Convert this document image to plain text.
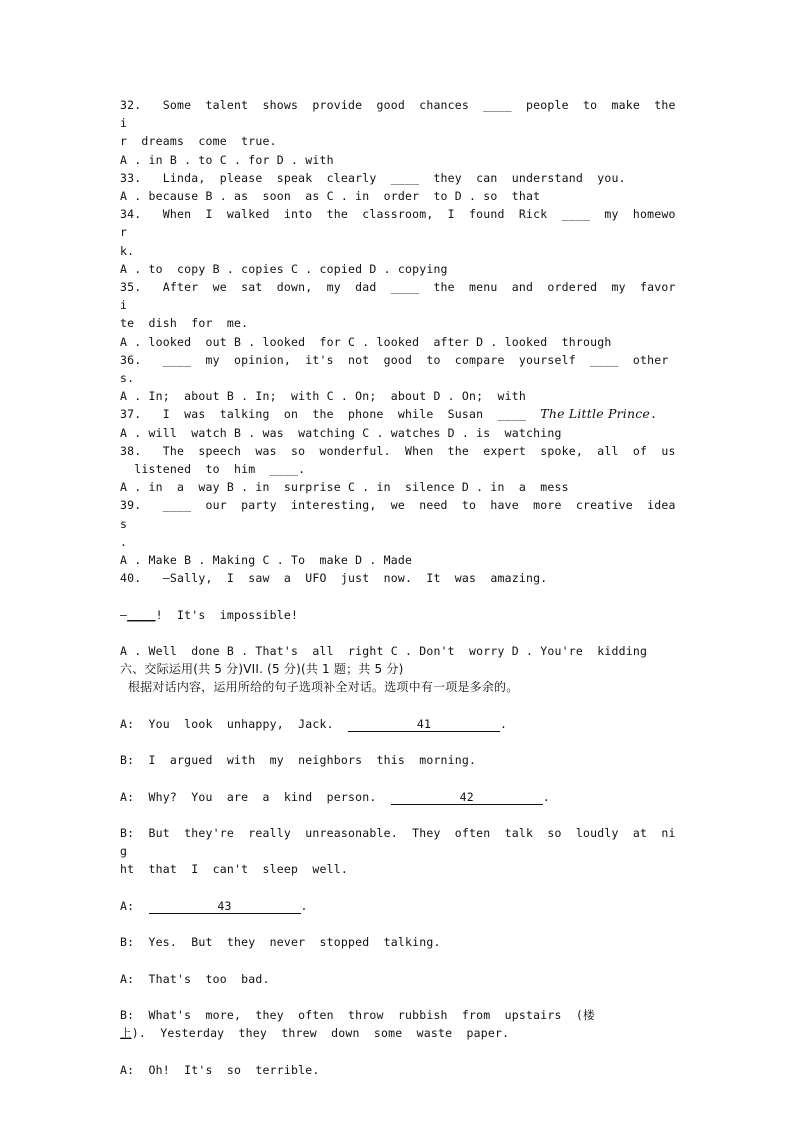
32.   Some  talent  shows  provide  good  chances  ____  people  to  make  thei
r  dreams  come  true.
A . in B . to C . for D . with
33.   Linda,  please  speak  clearly  ____  they  can  understand  you.
A . because B . as  soon  as C . in  order  to D . so  that
34.   When  I  walked  into  the  classroom,  I  found  Rick  ____  my  homewor
k.
A . to  copy B . copies C . copied D . copying
35.   After  we  sat  down,  my  dad  ____  the  menu  and  ordered  my  favori
te  dish  for  me.
A . looked  out B . looked  for C . looked  after D . looked  through
36.   ____  my  opinion,  it's  not  good  to  compare  yourself  ____  others.
A . In;  about B . In;  with C . On;  about D . On;  with
37.   I  was  talking  on  the  phone  while  Susan  ____  The Little Prince.
A . will  watch B . was  watching C . watches D . is  watching
38.   The  speech  was  so  wonderful.  When  the  expert  spoke,  all  of  us
listened  to  him  ____.
A . in  a  way B . in  surprise C . in  silence D . in  a  mess
39.   ____  our  party  interesting,  we  need  to  have  more  creative  ideas
.
A . Make B . Making C . To  make D . Made
40.   —Sally,  I  saw  a  UFO  just  now.  It  was  amazing.
—____!  It's  impossible!
A . Well  done B . That's  all  right C . Don't  worry D . You're  kidding
六、交际运用(共 5 分)VII. (5 分)(共 1 题；共 5 分)
根据对话内容，运用所给的句子选项补全对话。选项中有一项是多余的。
A:  You  look  unhappy,  Jack.	41	.
B:  I  argued  with  my  neighbors  this  morning.
A:  Why?  You  are  a  kind  person.	42	.
B:  But  they're  really  unreasonable.  They  often  talk  so  loudly  at  nig
ht  that  I  can't  sleep  well.
A:	43	.
B:  Yes.  But  they  never  stopped  talking.
A:  That's  too  bad.
B:  What's  more,  they  often  throw  rubbish  from  upstairs  (楼
上).  Yesterday  they  threw  down  some  waste  paper.
A:  Oh!  It's  so  terrible.
